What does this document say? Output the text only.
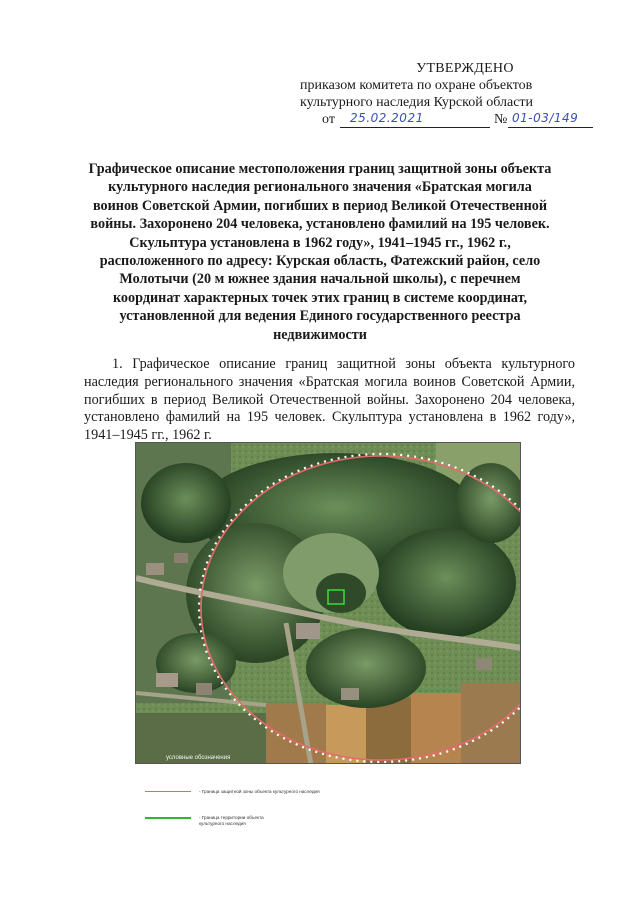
УТВЕРЖДЕНО
приказом комитета по охране объектов
культурного наследия Курской области
от 25.02.2021	№ 01-03/149
Графическое описание местоположения границ защитной зоны объекта культурного наследия регионального значения «Братская могила воинов Советской Армии, погибших в период Великой Отечественной войны. Захоронено 204 человека, установлено фамилий на 195 человек. Скульптура установлена в 1962 году», 1941–1945 гг., 1962 г., расположенного по адресу: Курская область, Фатежский район, село Молотычи (20 м южнее здания начальной школы), с перечнем координат характерных точек этих границ в системе координат, установленной для ведения Единого государственного реестра недвижимости
1. Графическое описание границ защитной зоны объекта культурного наследия регионального значения «Братская могила воинов Советской Армии, погибших в период Великой Отечественной войны. Захоронено 204 человека, установлено фамилий на 195 человек. Скульптура установлена в 1962 году», 1941–1945 гг., 1962 г.
условные обозначения
- Граница защитной зоны объекта культурного наследия
- Граница территории объекта культурного наследия
